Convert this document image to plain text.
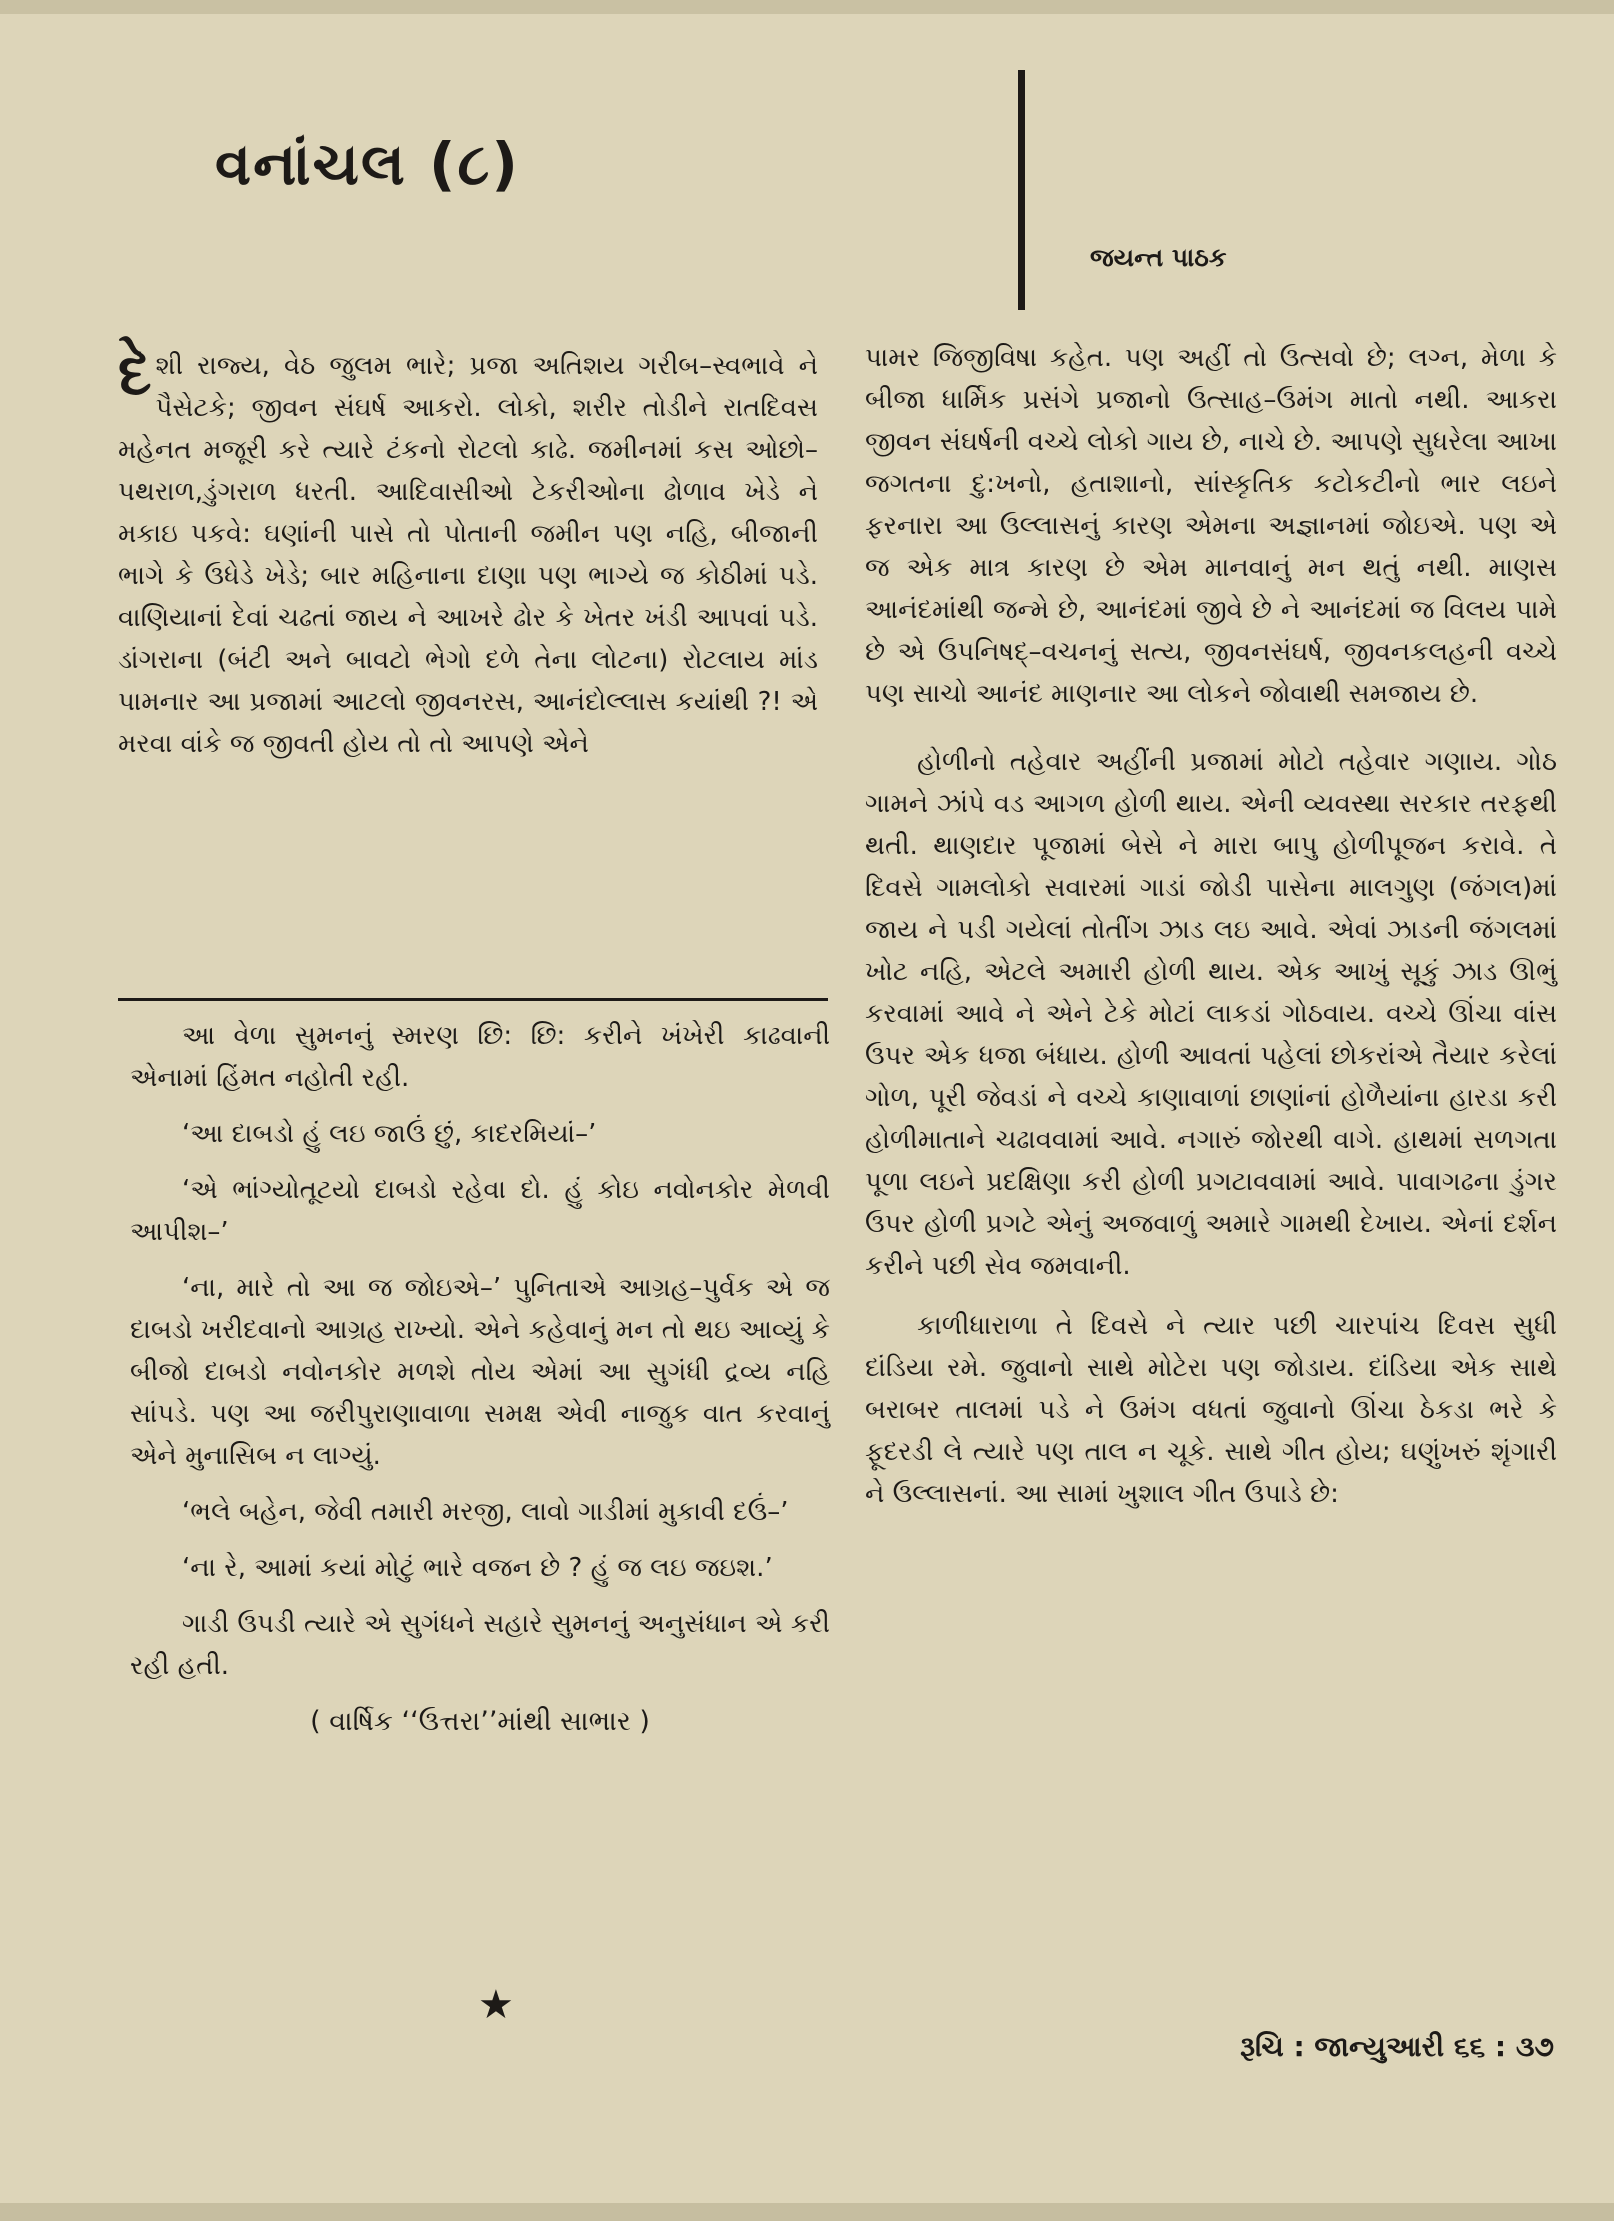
વનાંચલ (૮)
જયન્ત પાઠક

દેશી રાજ્ય, વેઠ જુલમ ભારે; પ્રજા અતિશય ગરીબ–સ્વભાવે ને પૈસેટકે; જીવન સંઘર્ષ આકરો. લોકો, શરીર તોડીને રાતદિવસ મહેનત મજૂરી કરે ત્યારે ટંકનો રોટલો કાઢે. જમીનમાં કસ ઓછો–પથરાળ,ડુંગરાળ ધરતી. આદિવાસીઓ ટેકરીઓના ઢોળાવ ખેડે ને મકાઇ પકવે: ઘણાંની પાસે તો પોતાની જમીન પણ નહિ, બીજાની ભાગે કે ઉધેડે ખેડે; બાર મહિનાના દાણા પણ ભાગ્યે જ કોઠીમાં પડે. વાણિયાનાં દેવાં ચઢતાં જાય ને આખરે ઢોર કે ખેતર ખંડી આપવાં પડે. ડાંગરાના (બંટી અને બાવટો ભેગો દળે તેના લોટના) રોટલાય માંડ પામનાર આ પ્રજામાં આટલો જીવનરસ, આનંદોલ્લાસ કયાંથી ?! એ મરવા વાંકે જ જીવતી હોય તો તો આપણે એને

આ વેળા સુમનનું સ્મરણ છિ: છિ: કરીને ખંખેરી કાઢવાની એનામાં હિંમત નહોતી રહી.

‘આ દાબડો હું લઇ જાઉં છું, કાદરમિયાં–’

‘એ ભાંગ્યોતૂટયો દાબડો રહેવા દો. હું કોઇ નવોનકોર મેળવી આપીશ–’

‘ના, મારે તો આ જ જોઇએ–’ પુનિતાએ આગ્રહ–પુર્વક એ જ દાબડો ખરીદવાનો આગ્રહ રાખ્યો. એને કહેવાનું મન તો થઇ આવ્યું કે બીજો દાબડો નવોનકોર મળશે તોય એમાં આ સુગંધી દ્રવ્ય નહિ સાંપડે. પણ આ જરીપુરાણાવાળા સમક્ષ એવી નાજુક વાત કરવાનું એને મુનાસિબ ન લાગ્યું.

‘ભલે બહેન, જેવી તમારી મરજી, લાવો ગાડીમાં મુકાવી દઉં–’

‘ના રે, આમાં કયાં મોટું ભારે વજન છે ? હું જ લઇ જઇશ.’

ગાડી ઉપડી ત્યારે એ સુગંધને સહારે સુમનનું અનુસંધાન એ કરી રહી હતી.

( વાર્ષિક ‘‘ઉત્તરા’’માંથી સાભાર )

★

પામર જિજીવિષા કહેત. પણ અહીં તો ઉત્સવો છે; લગ્ન, મેળા કે બીજા ધાર્મિક પ્રસંગે પ્રજાનો ઉત્સાહ–ઉમંગ માતો નથી. આકરા જીવન સંઘર્ષની વચ્ચે લોકો ગાય છે, નાચે છે. આપણે સુધરેલા આખા જગતના દુ:ખનો, હતાશાનો, સાંસ્કૃતિક કટોકટીનો ભાર લઇને ફરનારા આ ઉલ્લાસનું કારણ એમના અજ્ઞાનમાં જોઇએ. પણ એ જ એક માત્ર કારણ છે એમ માનવાનું મન થતું નથી. માણસ આનંદમાંથી જન્મે છે, આનંદમાં જીવે છે ને આનંદમાં જ વિલય પામે છે એ ઉપનિષદ્–વચનનું સત્ય, જીવનસંઘર્ષ, જીવનકલહની વચ્ચે પણ સાચો આનંદ માણનાર આ લોકને જોવાથી સમજાય છે.

હોળીનો તહેવાર અહીંની પ્રજામાં મોટો તહેવાર ગણાય. ગોઠ ગામને ઝાંપે વડ આગળ હોળી થાય. એની વ્યવસ્થા સરકાર તરફથી થતી. થાણદાર પૂજામાં બેસે ને મારા બાપુ હોળીપૂજન કરાવે. તે દિવસે ગામલોકો સવારમાં ગાડાં જોડી પાસેના માલગુણ (જંગલ)માં જાય ને પડી ગયેલાં તોતીંગ ઝાડ લઇ આવે. એવાં ઝાડની જંગલમાં ખોટ નહિ, એટલે અમારી હોળી થાય. એક આખું સૂકું ઝાડ ઊભું કરવામાં આવે ને એને ટેકે મોટાં લાકડાં ગોઠવાય. વચ્ચે ઊંચા વાંસ ઉપર એક ધજા બંધાય. હોળી આવતાં પહેલાં છોકરાંએ તૈયાર કરેલાં ગોળ, પૂરી જેવડાં ને વચ્ચે કાણાવાળાં છાણાંનાં હોળૈયાંના હારડા કરી હોળીમાતાને ચઢાવવામાં આવે. નગારું જોરથી વાગે. હાથમાં સળગતા પૂળા લઇને પ્રદક્ષિણા કરી હોળી પ્રગટાવવામાં આવે. પાવાગઢના ડુંગર ઉપર હોળી પ્રગટે એનું અજવાળું અમારે ગામથી દેખાય. એનાં દર્શન કરીને પછી સેવ જમવાની.

કાળીધારાળા તે દિવસે ને ત્યાર પછી ચારપાંચ દિવસ સુધી દાંડિયા રમે. જુવાનો સાથે મોટેરા પણ જોડાય. દાંડિયા એક સાથે બરાબર તાલમાં પડે ને ઉમંગ વધતાં જુવાનો ઊંચા ઠેકડા ભરે કે ફૂદરડી લે ત્યારે પણ તાલ ન ચૂકે. સાથે ગીત હોય; ઘણુંખરું શૃંગારી ને ઉલ્લાસનાં. આ સામાં ખુશાલ ગીત ઉપાડે છે:

રૂચિ : જાન્યુઆરી ૬૬ : ૩૭
